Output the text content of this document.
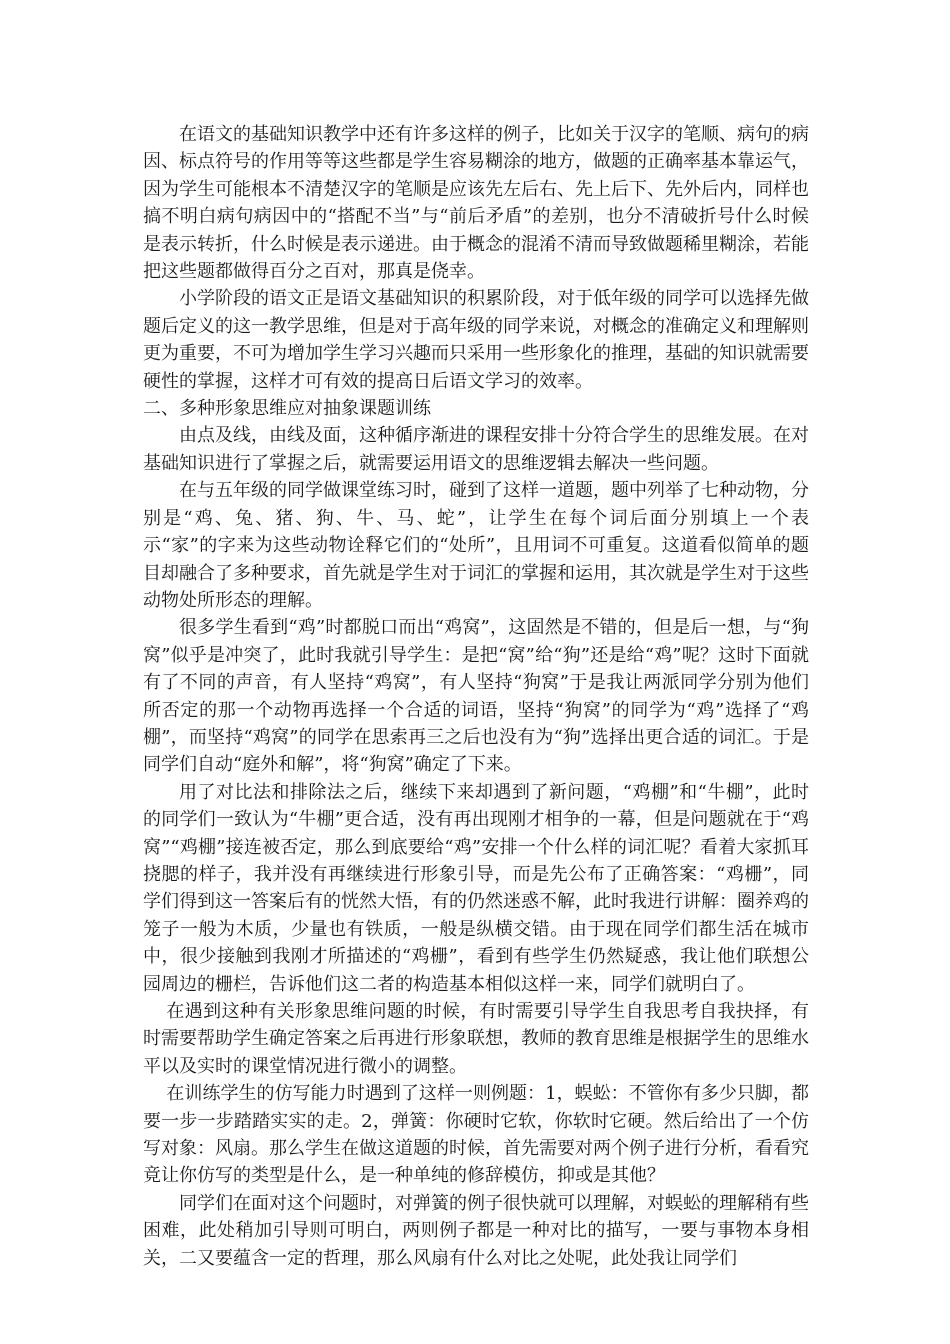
在语文的基础知识教学中还有许多这样的例子，比如关于汉字的笔顺、病句的病因、标点符号的作用等等这些都是学生容易糊涂的地方，做题的正确率基本靠运气，因为学生可能根本不清楚汉字的笔顺是应该先左后右、先上后下、先外后内，同样也搞不明白病句病因中的“搭配不当”与“前后矛盾”的差别，也分不清破折号什么时候是表示转折，什么时候是表示递进。由于概念的混淆不清而导致做题稀里糊涂，若能把这些题都做得百分之百对，那真是侥幸。

小学阶段的语文正是语文基础知识的积累阶段，对于低年级的同学可以选择先做题后定义的这一教学思维，但是对于高年级的同学来说，对概念的准确定义和理解则更为重要，不可为增加学生学习兴趣而只采用一些形象化的推理，基础的知识就需要硬性的掌握，这样才可有效的提高日后语文学习的效率。

二、多种形象思维应对抽象课题训练

由点及线，由线及面，这种循序渐进的课程安排十分符合学生的思维发展。在对基础知识进行了掌握之后，就需要运用语文的思维逻辑去解决一些问题。

在与五年级的同学做课堂练习时，碰到了这样一道题，题中列举了七种动物，分别是“鸡、兔、猪、狗、牛、马、蛇”，让学生在每个词后面分别填上一个表示“家”的字来为这些动物诠释它们的“处所”，且用词不可重复。这道看似简单的题目却融合了多种要求，首先就是学生对于词汇的掌握和运用，其次就是学生对于这些动物处所形态的理解。

很多学生看到“鸡”时都脱口而出“鸡窝”，这固然是不错的，但是后一想，与“狗窝”似乎是冲突了，此时我就引导学生：是把“窝”给“狗”还是给“鸡”呢？这时下面就有了不同的声音，有人坚持“鸡窝”，有人坚持“狗窝”于是我让两派同学分别为他们所否定的那一个动物再选择一个合适的词语，坚持“狗窝”的同学为“鸡”选择了“鸡棚”，而坚持“鸡窝”的同学在思索再三之后也没有为“狗”选择出更合适的词汇。于是同学们自动“庭外和解”，将“狗窝”确定了下来。

用了对比法和排除法之后，继续下来却遇到了新问题，“鸡棚”和“牛棚”，此时的同学们一致认为“牛棚”更合适，没有再出现刚才相争的一幕，但是问题就在于“鸡窝”“鸡棚”接连被否定，那么到底要给“鸡”安排一个什么样的词汇呢？看着大家抓耳挠腮的样子，我并没有再继续进行形象引导，而是先公布了正确答案：“鸡栅”，同学们得到这一答案后有的恍然大悟，有的仍然迷惑不解，此时我进行讲解：圈养鸡的笼子一般为木质，少量也有铁质，一般是纵横交错。由于现在同学们都生活在城市中，很少接触到我刚才所描述的“鸡栅”，看到有些学生仍然疑惑，我让他们联想公园周边的栅栏，告诉他们这二者的构造基本相似这样一来，同学们就明白了。

在遇到这种有关形象思维问题的时候，有时需要引导学生自我思考自我抉择，有时需要帮助学生确定答案之后再进行形象联想，教师的教育思维是根据学生的思维水平以及实时的课堂情况进行微小的调整。

在训练学生的仿写能力时遇到了这样一则例题：1，蜈蚣：不管你有多少只脚，都要一步一步踏踏实实的走。2，弹簧：你硬时它软，你软时它硬。然后给出了一个仿写对象：风扇。那么学生在做这道题的时候，首先需要对两个例子进行分析，看看究竟让你仿写的类型是什么，是一种单纯的修辞模仿，抑或是其他？

同学们在面对这个问题时，对弹簧的例子很快就可以理解，对蜈蚣的理解稍有些困难，此处稍加引导则可明白，两则例子都是一种对比的描写，一要与事物本身相关，二又要蕴含一定的哲理，那么风扇有什么对比之处呢，此处我让同学们
